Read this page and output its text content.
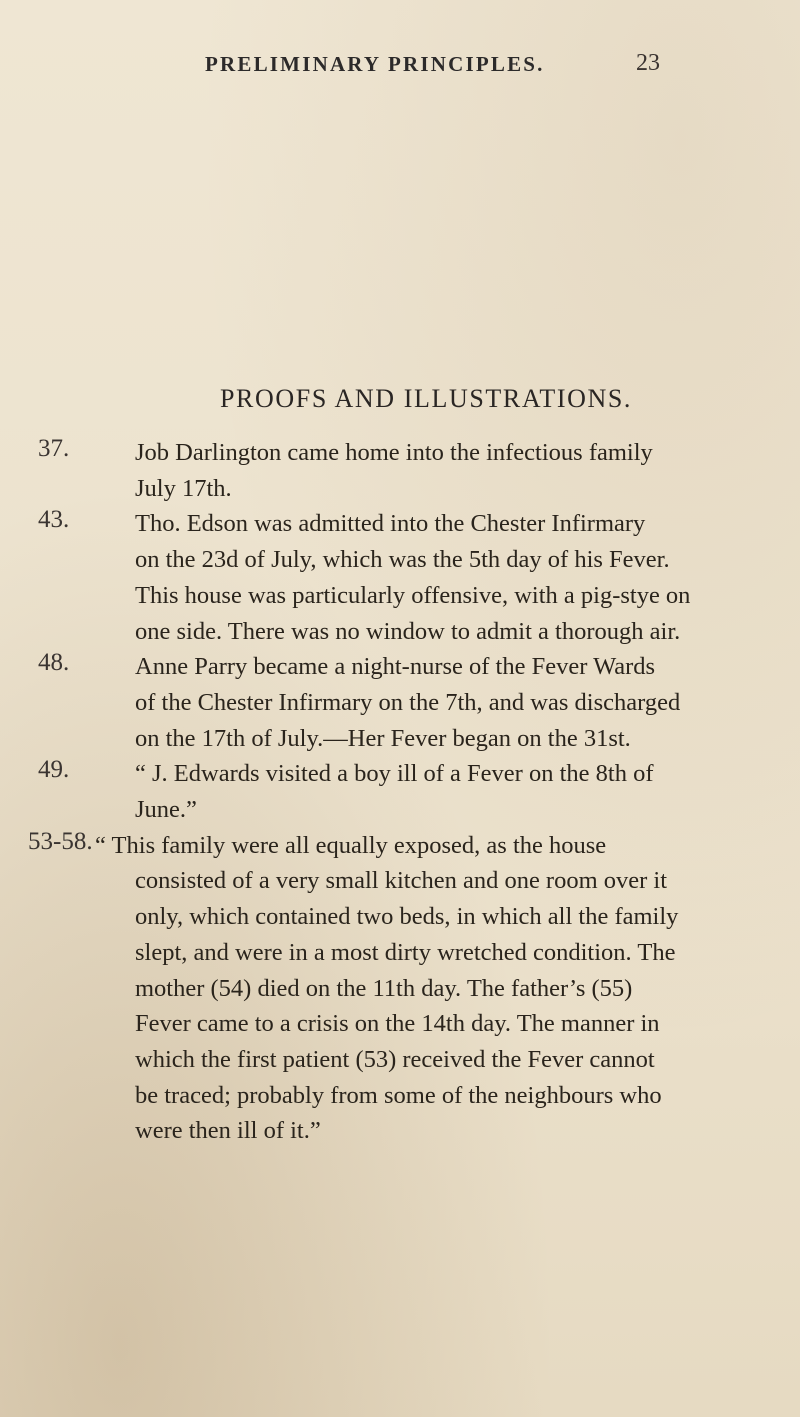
PRELIMINARY PRINCIPLES.	23
PROOFS AND ILLUSTRATIONS.
37.	Job Darlington came home into the infectious family
July 17th.
43.	Tho. Edson was admitted into the Chester Infirmary
on the 23d of July, which was the 5th day of his Fever.
This house was particularly offensive, with a pig-stye on
one side. There was no window to admit a thorough air.
48.	Anne Parry became a night-nurse of the Fever Wards
of the Chester Infirmary on the 7th, and was discharged
on the 17th of July.—Her Fever began on the 31st.
49.	“ J. Edwards visited a boy ill of a Fever on the 8th of
June.”
53-58. “ This family were all equally exposed, as the house
consisted of a very small kitchen and one room over it
only, which contained two beds, in which all the family
slept, and were in a most dirty wretched condition. The
mother (54) died on the 11th day. The father’s (55)
Fever came to a crisis on the 14th day. The manner in
which the first patient (53) received the Fever cannot
be traced; probably from some of the neighbours who
were then ill of it.”
